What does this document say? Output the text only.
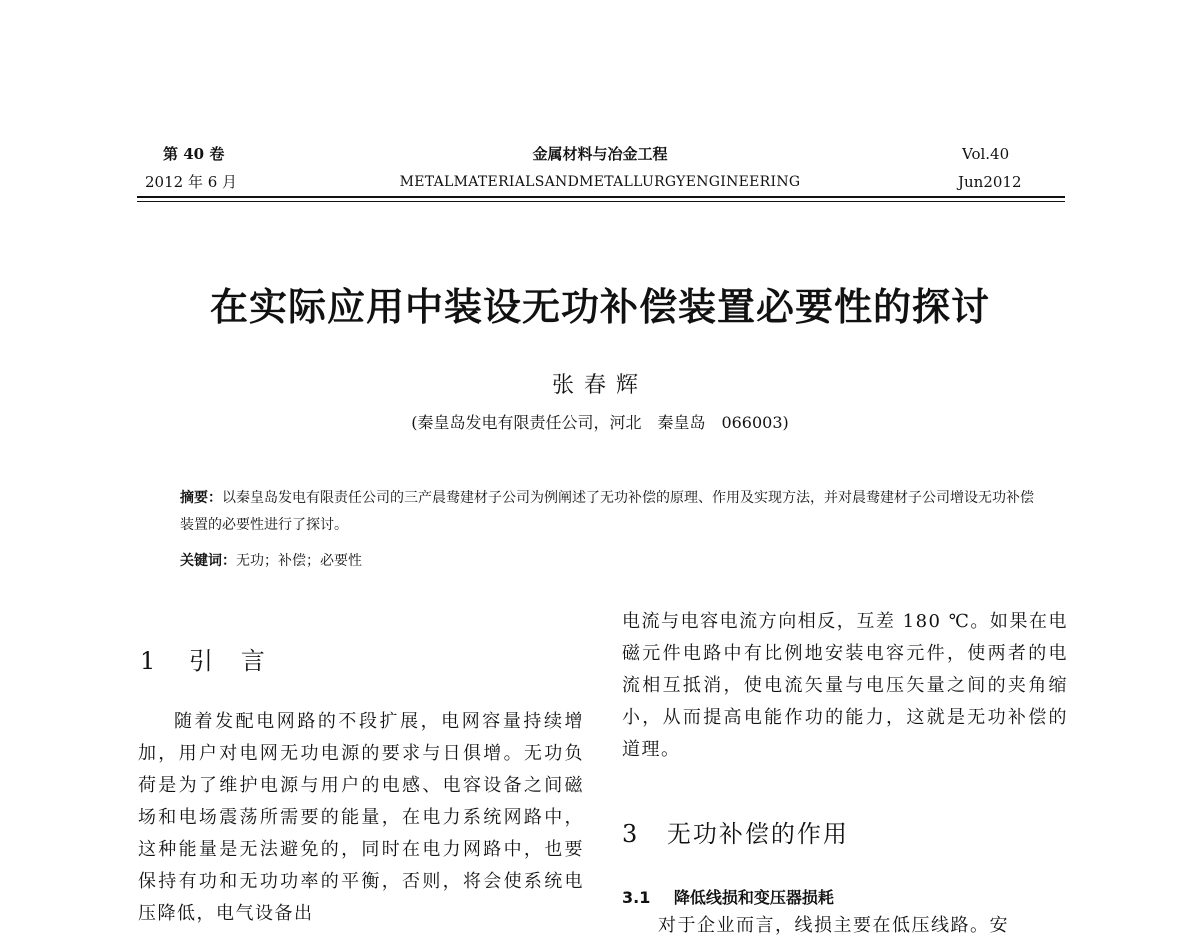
第 40 卷
2012 年 6 月
金属材料与冶金工程
METALMATERIALSANDMETALLURGYENGINEERING
Vol.40
Jun2012
在实际应用中装设无功补偿装置必要性的探讨
张春辉
(秦皇岛发电有限责任公司，河北　秦皇岛　066003)
摘要：以秦皇岛发电有限责任公司的三产晨鸯建材子公司为例阐述了无功补偿的原理、作用及实现方法，并对晨鸯建材子公司增设无功补偿装置的必要性进行了探讨。
关键词：无功；补偿；必要性
1 引　言

随着发配电网路的不段扩展，电网容量持续增加，用户对电网无功电源的要求与日俱增。无功负荷是为了维护电源与用户的电感、电容设备之间磁场和电场震荡所需要的能量，在电力系统网路中，这种能量是无法避免的，同时在电力网路中，也要保持有功和无功功率的平衡，否则，将会使系统电压降低，电气设备出

电流与电容电流方向相反，互差 180 ℃。如果在电磁元件电路中有比例地安装电容元件，使两者的电流相互抵消，使电流矢量与电压矢量之间的夹角缩小，从而提高电能作功的能力，这就是无功补偿的道理。

3 无功补偿的作用
3.1 降低线损和变压器损耗

对于企业而言，线损主要在低压线路。安
